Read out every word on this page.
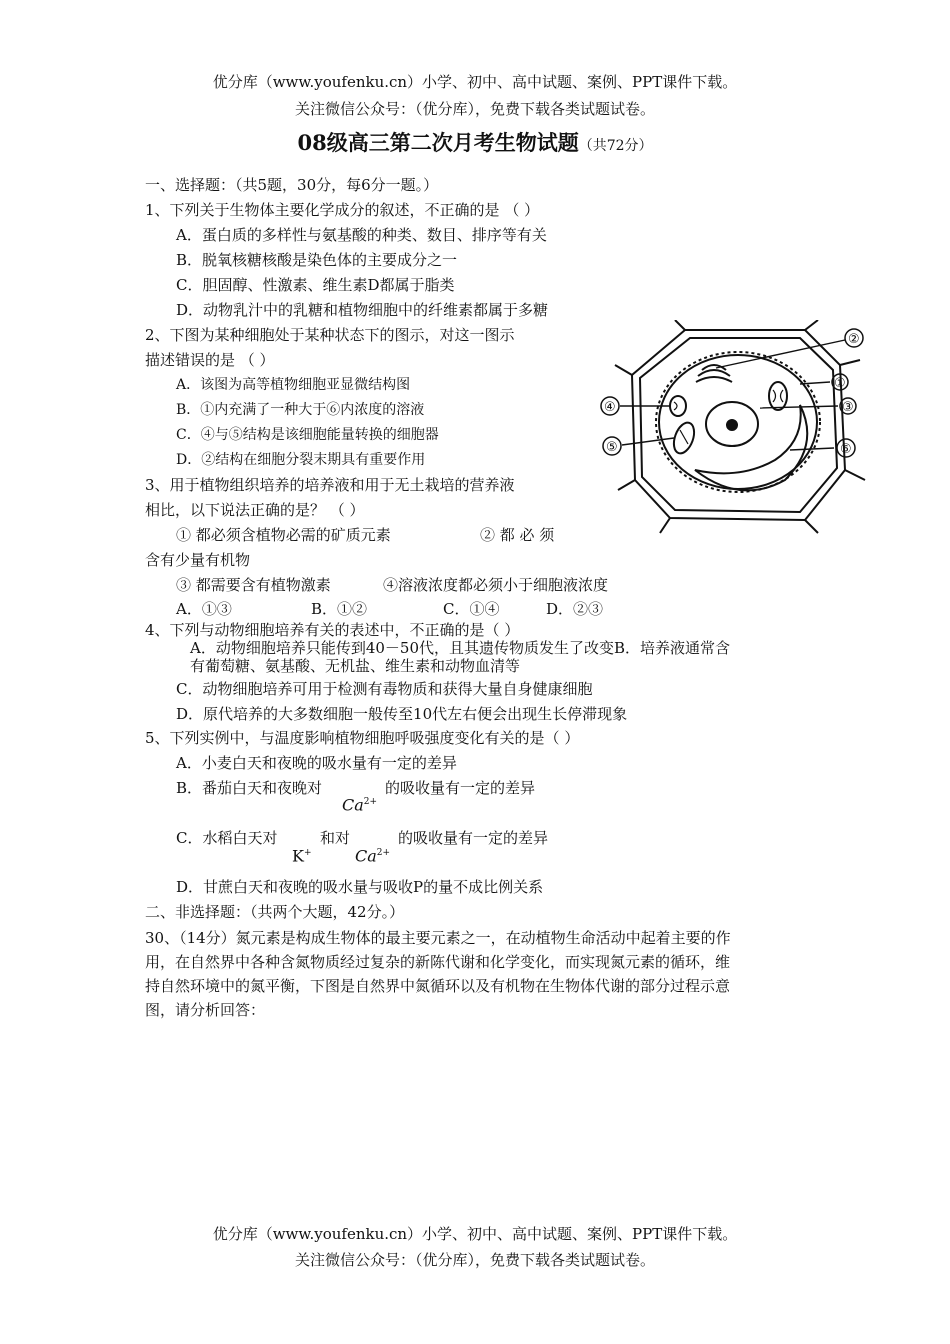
优分库（www.youfenku.cn）小学、初中、高中试题、案例、PPT课件下载。
关注微信公众号：（优分库），免费下载各类试题试卷。
08级高三第二次月考生物试题（共72分）
一、选择题：（共5题，30分，每6分一题。）
1、下列关于生物体主要化学成分的叙述，不正确的是 （ ）
A．蛋白质的多样性与氨基酸的种类、数目、排序等有关
B．脱氧核糖核酸是染色体的主要成分之一
C．胆固醇、性激素、维生素D都属于脂类
D．动物乳汁中的乳糖和植物细胞中的纤维素都属于多糖
2、下图为某种细胞处于某种状态下的图示，对这一图示
描述错误的是 （ ）
A．该图为高等植物细胞亚显微结构图
B．①内充满了一种大于⑥内浓度的溶液
C．④与⑤结构是该细胞能量转换的细胞器
D．②结构在细胞分裂末期具有重要作用
②
①
③
④
⑤	⑥
3、用于植物组织培养的培养液和用于无土栽培的营养液
相比，以下说法正确的是？ （ ）
① 都必须含植物必需的矿质元素	② 都 必 须
含有少量有机物
③ 都需要含有植物激素	④溶液浓度都必须小于细胞液浓度
A．①③	B．①②	C．①④	D．②③
4、下列与动物细胞培养有关的表述中，不正确的是（ ）
A．动物细胞培养只能传到40－50代，且其遗传物质发生了改变B．培养液通常含
有葡萄糖、氨基酸、无机盐、维生素和动物血清等
C．动物细胞培养可用于检测有毒物质和获得大量自身健康细胞
D．原代培养的大多数细胞一般传至10代左右便会出现生长停滞现象
5、下列实例中，与温度影响植物细胞呼吸强度变化有关的是（ ）
A．小麦白天和夜晚的吸水量有一定的差异
B．番茄白天和夜晚对
$Ca^{2+}$
的吸收量有一定的差异
C．水稻白天对
K+
和对
$Ca^{2+}$
的吸收量有一定的差异
D．甘蔗白天和夜晚的吸水量与吸收P的量不成比例关系
二、非选择题：（共两个大题，42分。）
30、（14分）氮元素是构成生物体的最主要元素之一，在动植物生命活动中起着主要的作
用，在自然界中各种含氮物质经过复杂的新陈代谢和化学变化，而实现氮元素的循环，维
持自然环境中的氮平衡，下图是自然界中氮循环以及有机物在生物体代谢的部分过程示意
图，请分析回答：
优分库（www.youfenku.cn）小学、初中、高中试题、案例、PPT课件下载。
关注微信公众号：（优分库），免费下载各类试题试卷。
